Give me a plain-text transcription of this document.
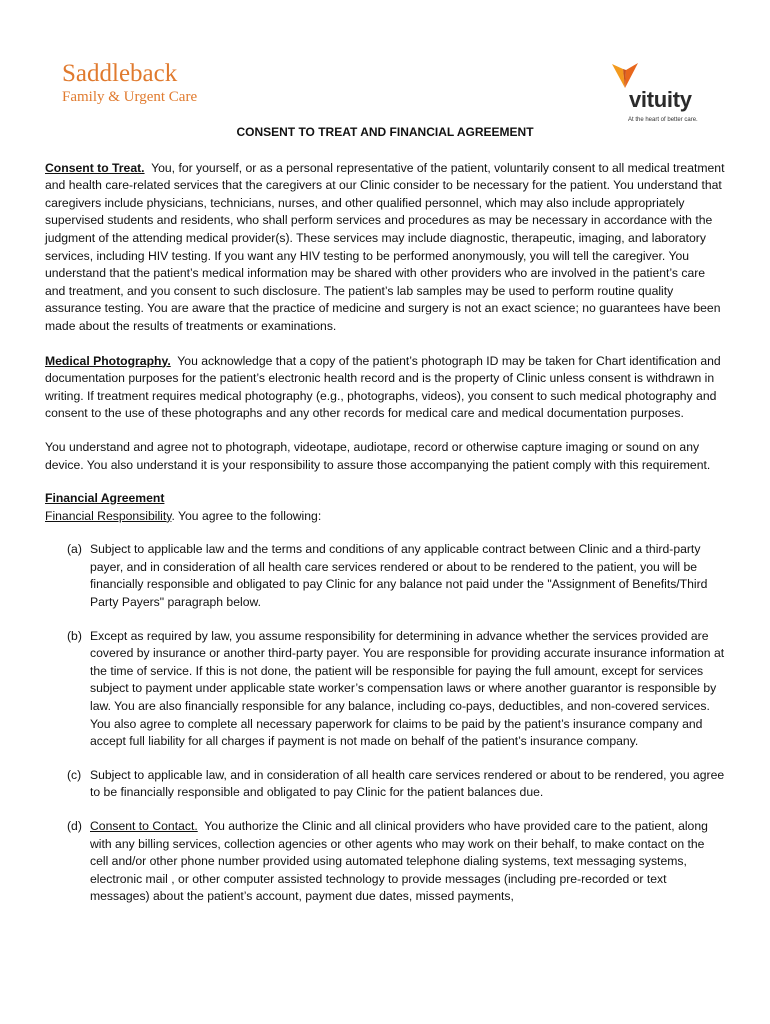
Saddleback
Family & Urgent Care	vituity
At the heart of better care.
CONSENT TO TREAT AND FINANCIAL AGREEMENT

Consent to Treat. You, for yourself, or as a personal representative of the patient, voluntarily consent to all medical treatment and health care-related services that the caregivers at our Clinic consider to be necessary for the patient. You understand that caregivers include physicians, technicians, nurses, and other qualified personnel, which may also include appropriately supervised students and residents, who shall perform services and procedures as may be necessary in accordance with the judgment of the attending medical provider(s). These services may include diagnostic, therapeutic, imaging, and laboratory services, including HIV testing. If you want any HIV testing to be performed anonymously, you will tell the caregiver. You understand that the patient’s medical information may be shared with other providers who are involved in the patient’s care and treatment, and you consent to such disclosure. The patient’s lab samples may be used to perform routine quality assurance testing. You are aware that the practice of medicine and surgery is not an exact science; no guarantees have been made about the results of treatments or examinations.

Medical Photography. You acknowledge that a copy of the patient’s photograph ID may be taken for Chart identification and documentation purposes for the patient’s electronic health record and is the property of Clinic unless consent is withdrawn in writing. If treatment requires medical photography (e.g., photographs, videos), you consent to such medical photography and consent to the use of these photographs and any other records for medical care and medical documentation purposes.

You understand and agree not to photograph, videotape, audiotape, record or otherwise capture imaging or sound on any device. You also understand it is your responsibility to assure those accompanying the patient comply with this requirement.

Financial Agreement
Financial Responsibility. You agree to the following:
(a) Subject to applicable law and the terms and conditions of any applicable contract between Clinic and a third-party payer, and in consideration of all health care services rendered or about to be rendered to the patient, you will be financially responsible and obligated to pay Clinic for any balance not paid under the "Assignment of Benefits/Third Party Payers" paragraph below.
(b) Except as required by law, you assume responsibility for determining in advance whether the services provided are covered by insurance or another third-party payer. You are responsible for providing accurate insurance information at the time of service. If this is not done, the patient will be responsible for paying the full amount, except for services subject to payment under applicable state worker’s compensation laws or where another guarantor is responsible by law. You are also financially responsible for any balance, including co-pays, deductibles, and non-covered services. You also agree to complete all necessary paperwork for claims to be paid by the patient’s insurance company and accept full liability for all charges if payment is not made on behalf of the patient’s insurance company.
(c) Subject to applicable law, and in consideration of all health care services rendered or about to be rendered, you agree to be financially responsible and obligated to pay Clinic for the patient balances due.
(d) Consent to Contact. You authorize the Clinic and all clinical providers who have provided care to the patient, along with any billing services, collection agencies or other agents who may work on their behalf, to make contact on the cell and/or other phone number provided using automated telephone dialing systems, text messaging systems, electronic mail , or other computer assisted technology to provide messages (including pre-recorded or text messages) about the patient’s account, payment due dates, missed payments,
